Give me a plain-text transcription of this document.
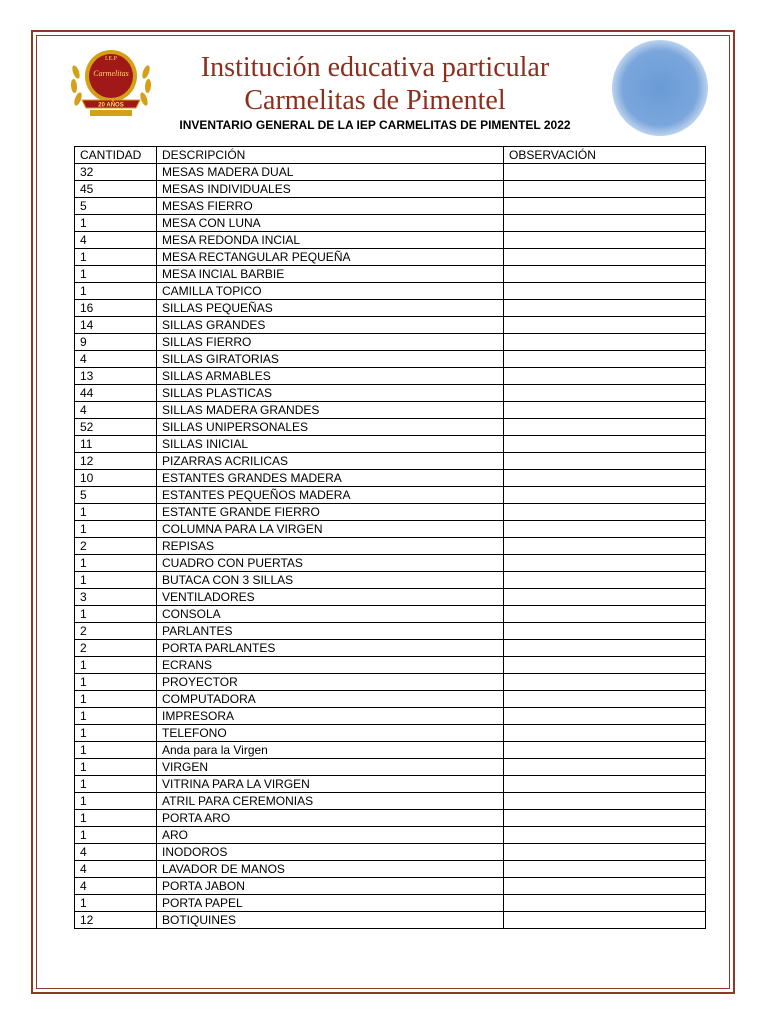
I.E.P
Carmelitas
20 AÑOS
Institución educativa particular
Carmelitas de Pimentel
INVENTARIO GENERAL DE LA IEP CARMELITAS DE PIMENTEL 2022
CANTIDAD	DESCRIPCIÓN	OBSERVACIÓN
32	MESAS MADERA DUAL	
45	MESAS INDIVIDUALES	
5	MESAS FIERRO	
1	MESA CON LUNA	
4	MESA REDONDA INCIAL	
1	MESA RECTANGULAR PEQUEÑA	
1	MESA INCIAL BARBIE	
1	CAMILLA TOPICO	
16	SILLAS PEQUEÑAS	
14	SILLAS GRANDES	
9	SILLAS FIERRO	
4	SILLAS GIRATORIAS	
13	SILLAS ARMABLES	
44	SILLAS PLASTICAS	
4	SILLAS MADERA GRANDES	
52	SILLAS UNIPERSONALES	
11	SILLAS INICIAL	
12	PIZARRAS ACRILICAS	
10	ESTANTES GRANDES MADERA	
5	ESTANTES PEQUEÑOS MADERA	
1	ESTANTE GRANDE FIERRO	
1	COLUMNA PARA LA VIRGEN	
2	REPISAS	
1	CUADRO CON PUERTAS	
1	BUTACA CON 3 SILLAS	
3	VENTILADORES	
1	CONSOLA	
2	PARLANTES	
2	PORTA PARLANTES	
1	ECRANS	
1	PROYECTOR	
1	COMPUTADORA	
1	IMPRESORA	
1	TELEFONO	
1	Anda para la Virgen	
1	VIRGEN	
1	VITRINA PARA LA VIRGEN	
1	ATRIL PARA CEREMONIAS	
1	PORTA ARO	
1	ARO	
4	INODOROS	
4	LAVADOR DE MANOS	
4	PORTA JABON	
1	PORTA PAPEL	
12	BOTIQUINES	
